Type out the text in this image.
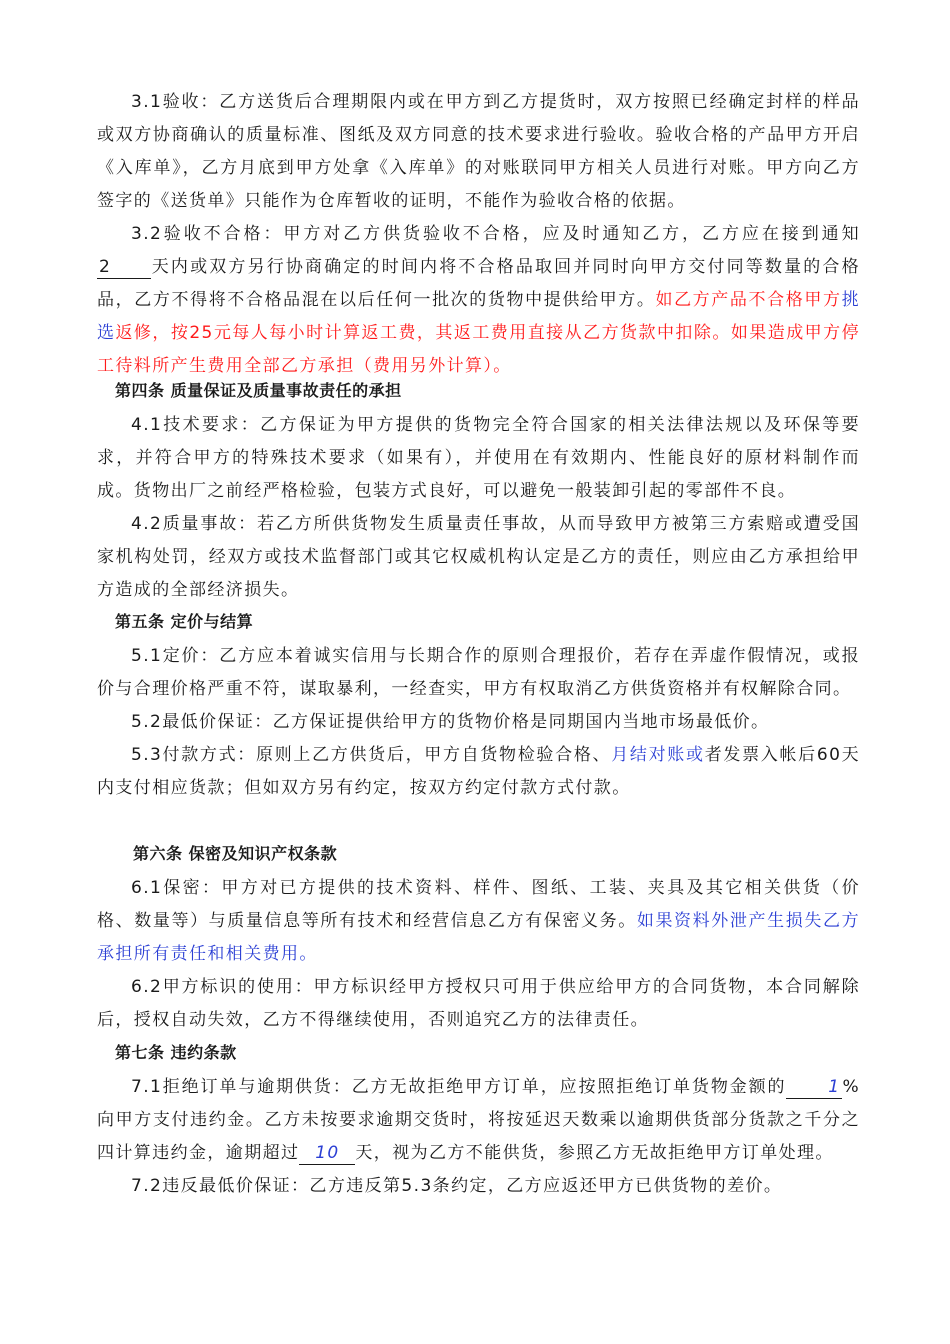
3.1验收：乙方送货后合理期限内或在甲方到乙方提货时，双方按照已经确定封样的样品或双方协商确认的质量标准、图纸及双方同意的技术要求进行验收。验收合格的产品甲方开启《入库单》，乙方月底到甲方处拿《入库单》的对账联同甲方相关人员进行对账。甲方向乙方签字的《送货单》只能作为仓库暂收的证明，不能作为验收合格的依据。

3.2验收不合格：甲方对乙方供货验收不合格，应及时通知乙方，乙方应在接到通知2 天内或双方另行协商确定的时间内将不合格品取回并同时向甲方交付同等数量的合格品，乙方不得将不合格品混在以后任何一批次的货物中提供给甲方。如乙方产品不合格甲方挑选返修，按25元每人每小时计算返工费，其返工费用直接从乙方货款中扣除。如果造成甲方停工待料所产生费用全部乙方承担（费用另外计算）。

第四条 质量保证及质量事故责任的承担

4.1技术要求：乙方保证为甲方提供的货物完全符合国家的相关法律法规以及环保等要求，并符合甲方的特殊技术要求（如果有），并使用在有效期内、性能良好的原材料制作而成。货物出厂之前经严格检验，包装方式良好，可以避免一般装卸引起的零部件不良。

4.2质量事故：若乙方所供货物发生质量责任事故，从而导致甲方被第三方索赔或遭受国家机构处罚，经双方或技术监督部门或其它权威机构认定是乙方的责任，则应由乙方承担给甲方造成的全部经济损失。

第五条 定价与结算

5.1定价：乙方应本着诚实信用与长期合作的原则合理报价，若存在弄虚作假情况，或报价与合理价格严重不符，谋取暴利，一经查实，甲方有权取消乙方供货资格并有权解除合同。

5.2最低价保证：乙方保证提供给甲方的货物价格是同期国内当地市场最低价。

5.3付款方式：原则上乙方供货后，甲方自货物检验合格、月结对账或者发票入帐后60天内支付相应货款；但如双方另有约定，按双方约定付款方式付款。

第六条 保密及知识产权条款

6.1保密：甲方对已方提供的技术资料、样件、图纸、工装、夹具及其它相关供货（价格、数量等）与质量信息等所有技术和经营信息乙方有保密义务。如果资料外泄产生损失乙方承担所有责任和相关费用。

6.2甲方标识的使用：甲方标识经甲方授权只可用于供应给甲方的合同货物，本合同解除后，授权自动失效，乙方不得继续使用，否则追究乙方的法律责任。

第七条 违约条款

7.1拒绝订单与逾期供货：乙方无故拒绝甲方订单，应按照拒绝订单货物金额的 1 %向甲方支付违约金。乙方未按要求逾期交货时，将按延迟天数乘以逾期供货部分货款之千分之四计算违约金，逾期超过 10 天，视为乙方不能供货，参照乙方无故拒绝甲方订单处理。

7.2违反最低价保证：乙方违反第5.3条约定，乙方应返还甲方已供货物的差价。
